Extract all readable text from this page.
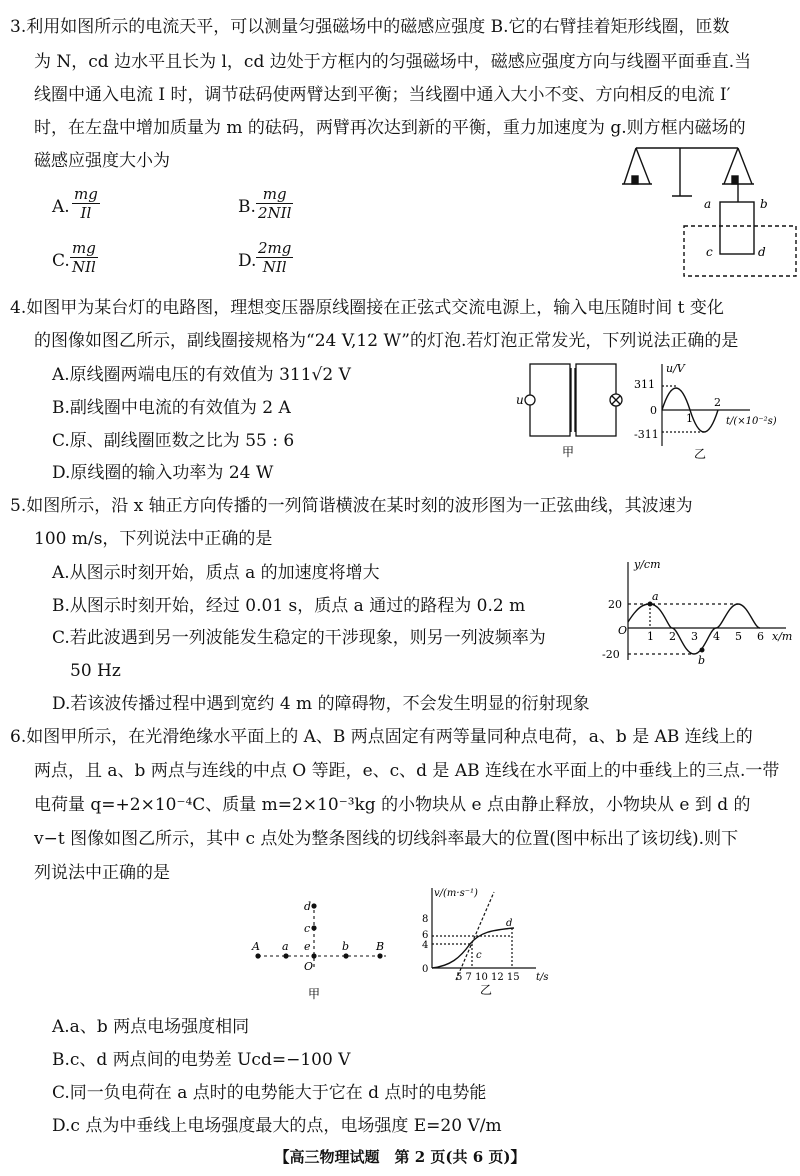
3.利用如图所示的电流天平，可以测量匀强磁场中的磁感应强度 B.它的右臂挂着矩形线圈，匝数
为 N，cd 边水平且长为 l，cd 边处于方框内的匀强磁场中，磁感应强度方向与线圈平面垂直.当
线圈中通入电流 I 时，调节砝码使两臂达到平衡；当线圈中通入大小不变、方向相反的电流 I′
时，在左盘中增加质量为 m 的砝码，两臂再次达到新的平衡，重力加速度为 g.则方框内磁场的
磁感应强度大小为
A. $\frac{mg}{Il}$	B.
mg
2NIl
C.
mg
NIl	D.
2mg
NIl
a	b
c	d
4.如图甲为某台灯的电路图，理想变压器原线圈接在正弦式交流电源上，输入电压随时间 t 变化
的图像如图乙所示，副线圈接规格为“24 V,12 W”的灯泡.若灯泡正常发光，下列说法正确的是
A.原线圈两端电压的有效值为 311√2 V
B.副线圈中电流的有效值为 2 A
C.原、副线圈匝数之比为 55 : 6
D.原线圈的输入功率为 24 W
u
甲
u/V
311
0
-311
1
2
t/(×10⁻²s)
乙
5.如图所示，沿 x 轴正方向传播的一列简谐横波在某时刻的波形图为一正弦曲线，其波速为
100 m/s，下列说法中正确的是
A.从图示时刻开始，质点 a 的加速度将增大
B.从图示时刻开始，经过 0.01 s，质点 a 通过的路程为 0.2 m
C.若此波遇到另一列波能发生稳定的干涉现象，则另一列波频率为
50 Hz
D.若该波传播过程中遇到宽约 4 m 的障碍物，不会发生明显的衍射现象
y/cm
20
O
-20
1 2 3 4 5 6 x/m
a
b
6.如图甲所示，在光滑绝缘水平面上的 A、B 两点固定有两等量同种点电荷，a、b 是 AB 连线上的
两点，且 a、b 两点与连线的中点 O 等距，e、c、d 是 AB 连线在水平面上的中垂线上的三点.一带
电荷量 q=+2×10⁻⁴C、质量 m=2×10⁻³kg 的小物块从 e 点由静止释放，小物块从 e 到 d 的
v−t 图像如图乙所示，其中 c 点处为整条图线的切线斜率最大的位置(图中标出了该切线).则下
列说法中正确的是
A a e	b B
O
c
d
甲
v/(m·s⁻¹)
8
6
4
0
5 7 10 12 15 t/s
c
d
乙
A.a、b 两点电场强度相同
B.c、d 两点间的电势差 Ucd=−100 V
C.同一负电荷在 a 点时的电势能大于它在 d 点时的电势能
D.c 点为中垂线上电场强度最大的点，电场强度 E=20 V/m
【高三物理试题　第 2 页(共 6 页)】
